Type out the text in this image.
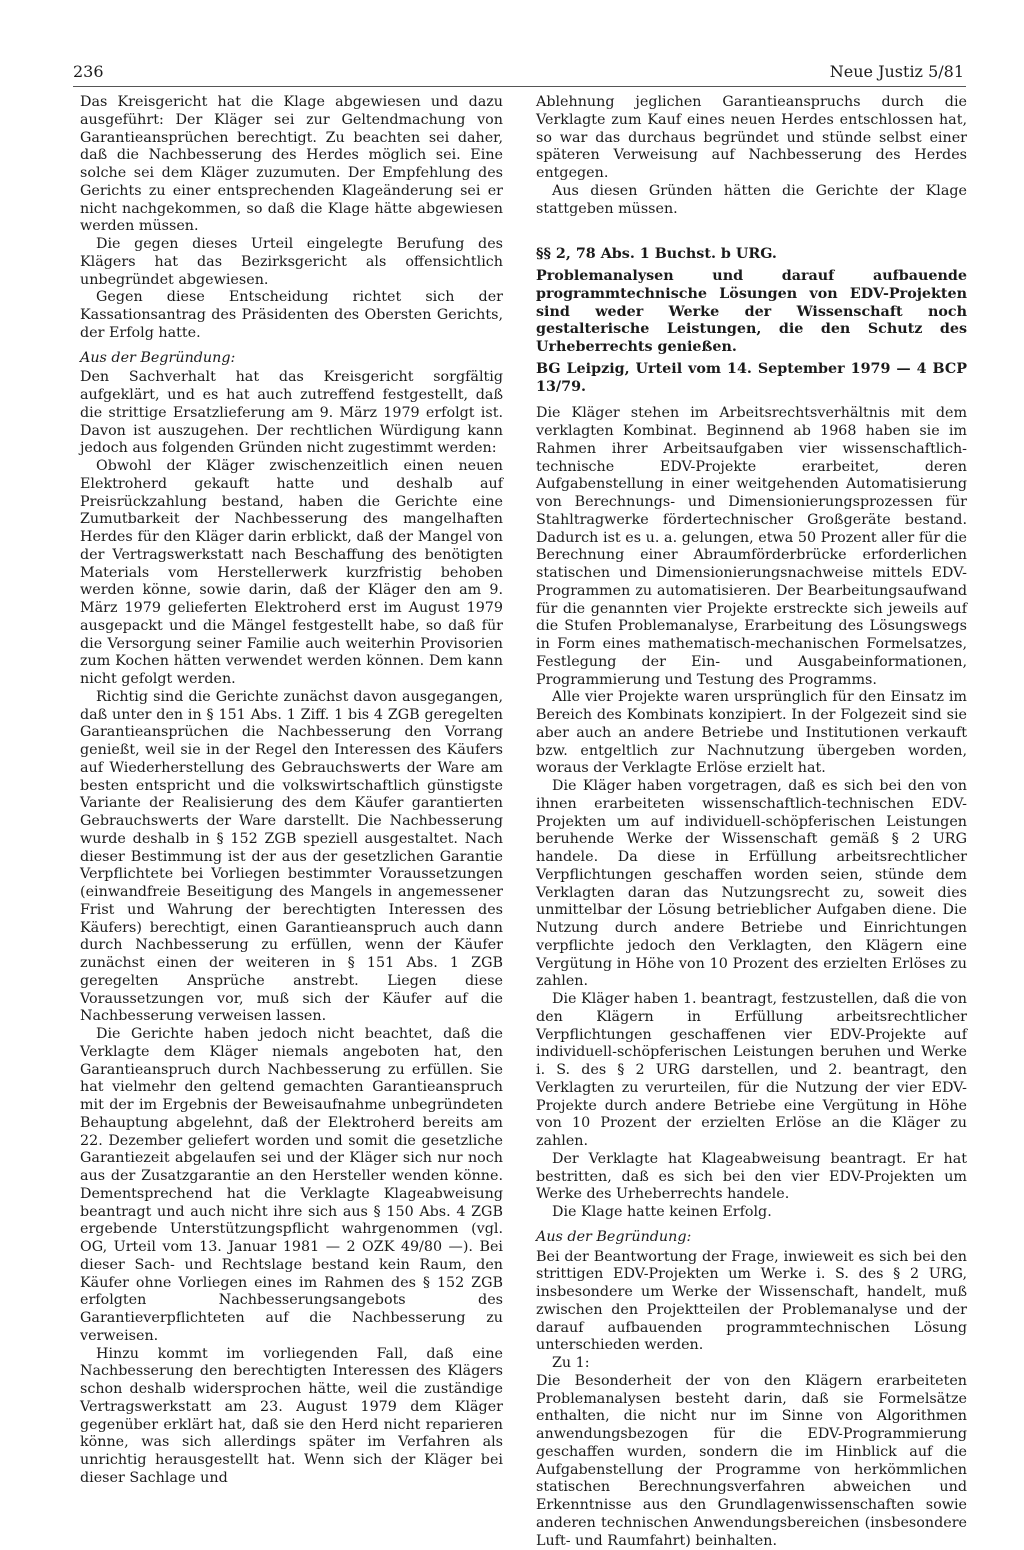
236	Neue Justiz 5/81

Das Kreisgericht hat die Klage abgewiesen und dazu ausgeführt: Der Kläger sei zur Geltendmachung von Garantieansprüchen berechtigt. Zu beachten sei daher, daß die Nachbesserung des Herdes möglich sei. Eine solche sei dem Kläger zuzumuten. Der Empfehlung des Gerichts zu einer entsprechenden Klageänderung sei er nicht nachgekommen, so daß die Klage hätte abgewiesen werden müssen.

Die gegen dieses Urteil eingelegte Berufung des Klägers hat das Bezirksgericht als offensichtlich unbegründet abgewiesen.

Gegen diese Entscheidung richtet sich der Kassationsantrag des Präsidenten des Obersten Gerichts, der Erfolg hatte.

Aus der Begründung:

Den Sachverhalt hat das Kreisgericht sorgfältig aufgeklärt, und es hat auch zutreffend festgestellt, daß die strittige Ersatzlieferung am 9. März 1979 erfolgt ist. Davon ist auszugehen. Der rechtlichen Würdigung kann jedoch aus folgenden Gründen nicht zugestimmt werden:

Obwohl der Kläger zwischenzeitlich einen neuen Elektroherd gekauft hatte und deshalb auf Preisrückzahlung bestand, haben die Gerichte eine Zumutbarkeit der Nachbesserung des mangelhaften Herdes für den Kläger darin erblickt, daß der Mangel von der Vertragswerkstatt nach Beschaffung des benötigten Materials vom Herstellerwerk kurzfristig behoben werden könne, sowie darin, daß der Kläger den am 9. März 1979 gelieferten Elektroherd erst im August 1979 ausgepackt und die Mängel festgestellt habe, so daß für die Versorgung seiner Familie auch weiterhin Provisorien zum Kochen hätten verwendet werden können. Dem kann nicht gefolgt werden.

Richtig sind die Gerichte zunächst davon ausgegangen, daß unter den in § 151 Abs. 1 Ziff. 1 bis 4 ZGB geregelten Garantieansprüchen die Nachbesserung den Vorrang genießt, weil sie in der Regel den Interessen des Käufers auf Wiederherstellung des Gebrauchswerts der Ware am besten entspricht und die volkswirtschaftlich günstigste Variante der Realisierung des dem Käufer garantierten Gebrauchswerts der Ware darstellt. Die Nachbesserung wurde deshalb in § 152 ZGB speziell ausgestaltet. Nach dieser Bestimmung ist der aus der gesetzlichen Garantie Verpflichtete bei Vorliegen bestimmter Voraussetzungen (einwandfreie Beseitigung des Mangels in angemessener Frist und Wahrung der berechtigten Interessen des Käufers) berechtigt, einen Garantieanspruch auch dann durch Nachbesserung zu erfüllen, wenn der Käufer zunächst einen der weiteren in § 151 Abs. 1 ZGB geregelten Ansprüche anstrebt. Liegen diese Voraussetzungen vor, muß sich der Käufer auf die Nachbesserung verweisen lassen.

Die Gerichte haben jedoch nicht beachtet, daß die Verklagte dem Kläger niemals angeboten hat, den Garantieanspruch durch Nachbesserung zu erfüllen. Sie hat vielmehr den geltend gemachten Garantieanspruch mit der im Ergebnis der Beweisaufnahme unbegründeten Behauptung abgelehnt, daß der Elektroherd bereits am 22. Dezember geliefert worden und somit die gesetzliche Garantiezeit abgelaufen sei und der Kläger sich nur noch aus der Zusatzgarantie an den Hersteller wenden könne. Dementsprechend hat die Verklagte Klageabweisung beantragt und auch nicht ihre sich aus § 150 Abs. 4 ZGB ergebende Unterstützungspflicht wahrgenommen (vgl. OG, Urteil vom 13. Januar 1981 — 2 OZK 49/80 —). Bei dieser Sach- und Rechtslage bestand kein Raum, den Käufer ohne Vorliegen eines im Rahmen des § 152 ZGB erfolgten Nachbesserungsangebots des Garantieverpflichteten auf die Nachbesserung zu verweisen.

Hinzu kommt im vorliegenden Fall, daß eine Nachbesserung den berechtigten Interessen des Klägers schon deshalb widersprochen hätte, weil die zuständige Vertragswerkstatt am 23. August 1979 dem Kläger gegenüber erklärt hat, daß sie den Herd nicht reparieren könne, was sich allerdings später im Verfahren als unrichtig herausgestellt hat. Wenn sich der Kläger bei dieser Sachlage und

Ablehnung jeglichen Garantieanspruchs durch die Verklagte zum Kauf eines neuen Herdes entschlossen hat, so war das durchaus begründet und stünde selbst einer späteren Verweisung auf Nachbesserung des Herdes entgegen.

Aus diesen Gründen hätten die Gerichte der Klage stattgeben müssen.

§§ 2, 78 Abs. 1 Buchst. b URG.
Problemanalysen und darauf aufbauende programmtechnische Lösungen von EDV-Projekten sind weder Werke der Wissenschaft noch gestalterische Leistungen, die den Schutz des Urheberrechts genießen.
BG Leipzig, Urteil vom 14. September 1979 — 4 BCP 13/79.

Die Kläger stehen im Arbeitsrechtsverhältnis mit dem verklagten Kombinat. Beginnend ab 1968 haben sie im Rahmen ihrer Arbeitsaufgaben vier wissenschaftlich-technische EDV-Projekte erarbeitet, deren Aufgabenstellung in einer weitgehenden Automatisierung von Berechnungs- und Dimensionierungsprozessen für Stahltragwerke fördertechnischer Großgeräte bestand. Dadurch ist es u. a. gelungen, etwa 50 Prozent aller für die Berechnung einer Abraumförderbrücke erforderlichen statischen und Dimensionierungsnachweise mittels EDV-Programmen zu automatisieren. Der Bearbeitungsaufwand für die genannten vier Projekte erstreckte sich jeweils auf die Stufen Problemanalyse, Erarbeitung des Lösungswegs in Form eines mathematisch-mechanischen Formelsatzes, Festlegung der Ein- und Ausgabeinformationen, Programmierung und Testung des Programms.

Alle vier Projekte waren ursprünglich für den Einsatz im Bereich des Kombinats konzipiert. In der Folgezeit sind sie aber auch an andere Betriebe und Institutionen verkauft bzw. entgeltlich zur Nachnutzung übergeben worden, woraus der Verklagte Erlöse erzielt hat.

Die Kläger haben vorgetragen, daß es sich bei den von ihnen erarbeiteten wissenschaftlich-technischen EDV-Projekten um auf individuell-schöpferischen Leistungen beruhende Werke der Wissenschaft gemäß § 2 URG handele. Da diese in Erfüllung arbeitsrechtlicher Verpflichtungen geschaffen worden seien, stünde dem Verklagten daran das Nutzungsrecht zu, soweit dies unmittelbar der Lösung betrieblicher Aufgaben diene. Die Nutzung durch andere Betriebe und Einrichtungen verpflichte jedoch den Verklagten, den Klägern eine Vergütung in Höhe von 10 Prozent des erzielten Erlöses zu zahlen.

Die Kläger haben 1. beantragt, festzustellen, daß die von den Klägern in Erfüllung arbeitsrechtlicher Verpflichtungen geschaffenen vier EDV-Projekte auf individuell-schöpferischen Leistungen beruhen und Werke i. S. des § 2 URG darstellen, und 2. beantragt, den Verklagten zu verurteilen, für die Nutzung der vier EDV-Projekte durch andere Betriebe eine Vergütung in Höhe von 10 Prozent der erzielten Erlöse an die Kläger zu zahlen.

Der Verklagte hat Klageabweisung beantragt. Er hat bestritten, daß es sich bei den vier EDV-Projekten um Werke des Urheberrechts handele.

Die Klage hatte keinen Erfolg.

Aus der Begründung:

Bei der Beantwortung der Frage, inwieweit es sich bei den strittigen EDV-Projekten um Werke i. S. des § 2 URG, insbesondere um Werke der Wissenschaft, handelt, muß zwischen den Projektteilen der Problemanalyse und der darauf aufbauenden programmtechnischen Lösung unterschieden werden.

Zu 1:

Die Besonderheit der von den Klägern erarbeiteten Problemanalysen besteht darin, daß sie Formelsätze enthalten, die nicht nur im Sinne von Algorithmen anwendungsbezogen für die EDV-Programmierung geschaffen wurden, sondern die im Hinblick auf die Aufgabenstellung der Programme von herkömmlichen statischen Berechnungsverfahren abweichen und Erkenntnisse aus den Grundlagenwissenschaften sowie anderen technischen Anwendungsbereichen (insbesondere Luft- und Raumfahrt) beinhalten.
